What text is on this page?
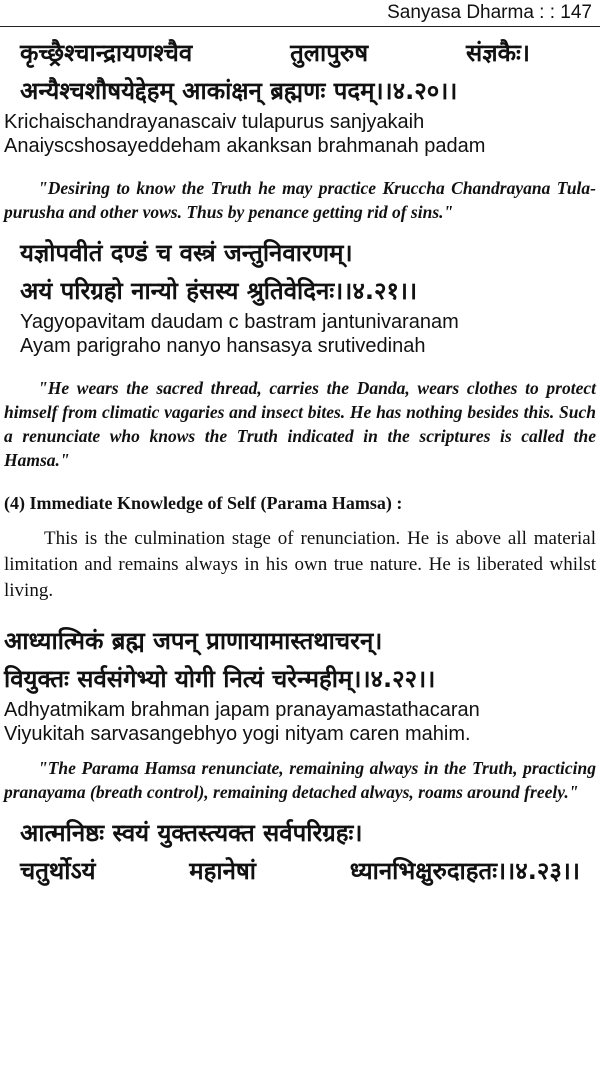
Sanyasa Dharma : : 147
कृच्छ्रैश्चान्द्रायणश्चैव	तुलापुरुष	संज्ञकैः।
अन्यैश्चशौषयेद्देहम् आकांक्षन् ब्रह्मणः पदम्।।४.२०।।
Krichaischandrayanascaiv tulapurus sanjyakaih
Anaiyscshosayeddeham akanksan brahmanah padam

"Desiring to know the Truth he may practice Kruccha Chandrayana Tula-purusha and other vows. Thus by penance getting rid of sins."

यज्ञोपवीतं दण्डं च वस्त्रं जन्तुनिवारणम्।
अयं परिग्रहो नान्यो हंसस्य श्रुतिवेदिनः।।४.२१।।
Yagyopavitam daudam c bastram jantunivaranam
Ayam parigraho nanyo hansasya srutivedinah

"He wears the sacred thread, carries the Danda, wears clothes to protect himself from climatic vagaries and insect bites. He has nothing besides this. Such a renunciate who knows the Truth indicated in the scriptures is called the Hamsa."

(4) Immediate Knowledge of Self (Parama Hamsa) :

This is the culmination stage of renunciation. He is above all material limitation and remains always in his own true nature. He is liberated whilst living.

आध्यात्मिकं ब्रह्म जपन् प्राणायामास्तथाचरन्।
वियुक्तः सर्वसंगेभ्यो योगी नित्यं चरेन्महीम्।।४.२२।।
Adhyatmikam brahman japam pranayamastathacaran
Viyukitah sarvasangebhyo yogi nityam caren mahim.

"The Parama Hamsa renunciate, remaining always in the Truth, practicing pranayama (breath control), remaining detached always, roams around freely."

आत्मनिष्ठः स्वयं युक्तस्त्यक्त सर्वपरिग्रहः।
चतुर्थोऽयं	महानेषां	ध्यानभिक्षुरुदाहतः।।४.२३।।
